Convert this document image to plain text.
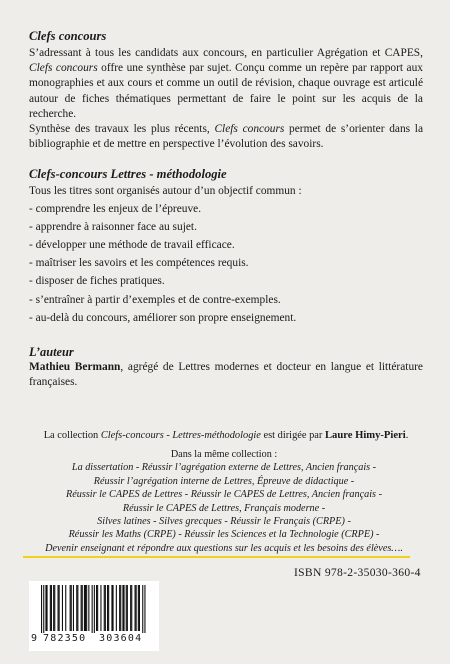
Clefs concours

S’adressant à tous les candidats aux concours, en particulier Agrégation et CAPES, Clefs concours offre une synthèse par sujet. Conçu comme un repère par rapport aux monographies et aux cours et comme un outil de révision, chaque ouvrage est articulé autour de fiches thématiques permettant de faire le point sur les acquis de la recherche.

Synthèse des travaux les plus récents, Clefs concours permet de s’orienter dans la bibliographie et de mettre en perspective l’évolution des savoirs.

Clefs-concours Lettres - méthodologie

Tous les titres sont organisés autour d’un objectif commun :

- comprendre les enjeux de l’épreuve.
- apprendre à raisonner face au sujet.
- développer une méthode de travail efficace.
- maîtriser les savoirs et les compétences requis.
- disposer de fiches pratiques.
- s’entraîner à partir d’exemples et de contre-exemples.
- au-delà du concours, améliorer son propre enseignement.
L’auteur

Mathieu Bermann, agrégé de Lettres modernes et docteur en langue et littérature françaises.

La collection Clefs-concours - Lettres-méthodologie est dirigée par Laure Himy-Pieri.
Dans la même collection :
La dissertation - Réussir l’agrégation externe de Lettres, Ancien français -
Réussir l’agrégation interne de Lettres, Épreuve de didactique -
Réussir le CAPES de Lettres - Réussir le CAPES de Lettres, Ancien français -
Réussir le CAPES de Lettres, Français moderne -
Silves latines - Silves grecques - Réussir le Français (CRPE) -
Réussir les Maths (CRPE) - Réussir les Sciences et la Technologie (CRPE) -
Devenir enseignant et répondre aux questions sur les acquis et les besoins des élèves….
ISBN 978-2-35030-360-4
9 782350 303604
